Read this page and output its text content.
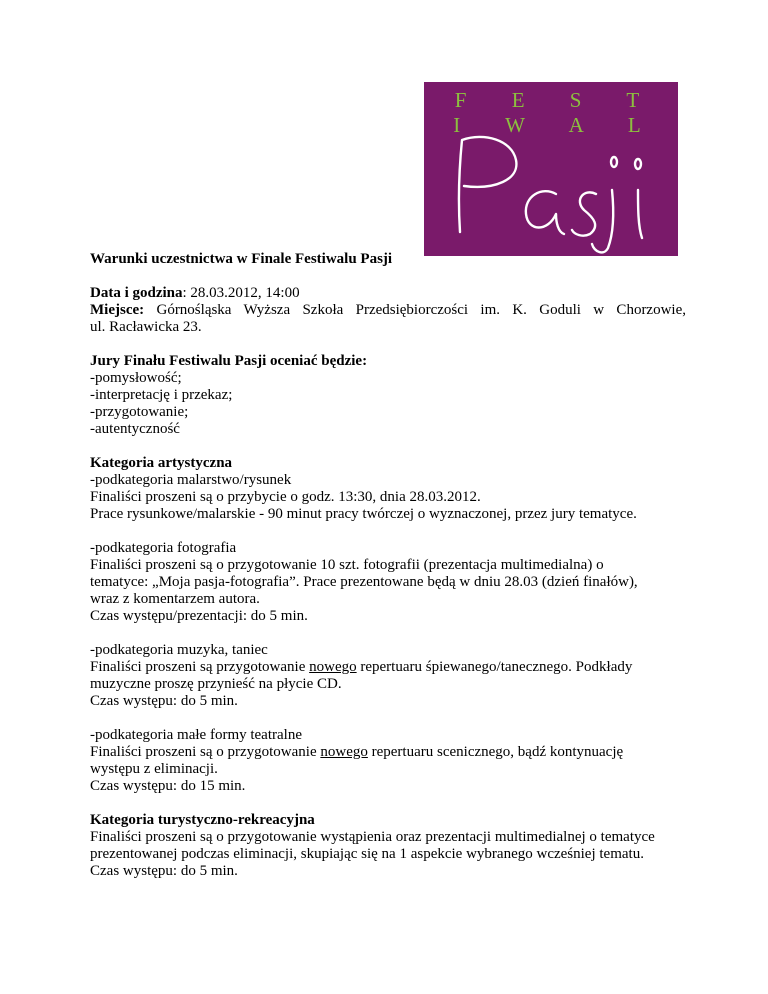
F E S T I W A L

Warunki uczestnictwa w Finale Festiwalu Pasji

Data i godzina: 28.03.2012, 14:00

Miejsce: Górnośląska Wyższa Szkoła Przedsiębiorczości im. K. Goduli w Chorzowie,

ul. Racławicka 23.

Jury Finału Festiwalu Pasji oceniać będzie:

-pomysłowość;

-interpretację i przekaz;

-przygotowanie;

-autentyczność

Kategoria artystyczna

-podkategoria malarstwo/rysunek

Finaliści proszeni są o przybycie o godz. 13:30, dnia 28.03.2012.

Prace rysunkowe/malarskie - 90 minut pracy twórczej o wyznaczonej, przez jury tematyce.

-podkategoria fotografia

Finaliści proszeni są o przygotowanie 10 szt. fotografii (prezentacja multimedialna) o

tematyce: „Moja pasja-fotografia”. Prace prezentowane będą w dniu 28.03 (dzień finałów),

wraz z komentarzem autora.

Czas występu/prezentacji: do 5 min.

-podkategoria muzyka, taniec

Finaliści proszeni są przygotowanie nowego repertuaru śpiewanego/tanecznego. Podkłady

muzyczne proszę przynieść na płycie CD.

Czas występu: do 5 min.

-podkategoria małe formy teatralne

Finaliści proszeni są o przygotowanie nowego repertuaru scenicznego, bądź kontynuację

występu z eliminacji.

Czas występu: do 15 min.

Kategoria turystyczno-rekreacyjna

Finaliści proszeni są o przygotowanie wystąpienia oraz prezentacji multimedialnej o tematyce

prezentowanej podczas eliminacji, skupiając się na 1 aspekcie wybranego wcześniej tematu.

Czas występu: do 5 min.
